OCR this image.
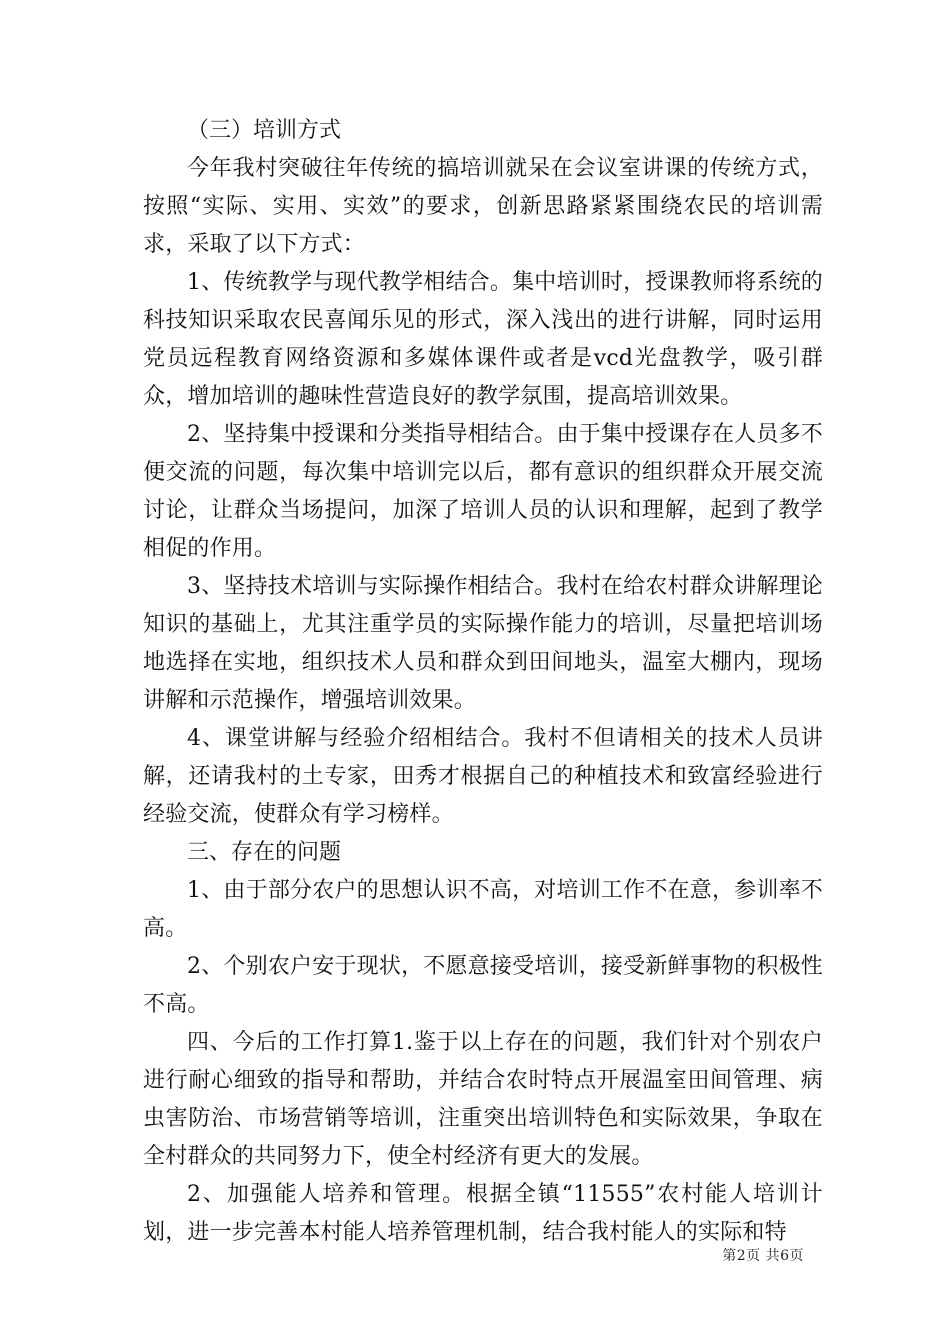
（三）培训方式

今年我村突破往年传统的搞培训就呆在会议室讲课的传统方式，按照“实际、实用、实效”的要求，创新思路紧紧围绕农民的培训需求，采取了以下方式：

1、传统教学与现代教学相结合。集中培训时，授课教师将系统的科技知识采取农民喜闻乐见的形式，深入浅出的进行讲解，同时运用党员远程教育网络资源和多媒体课件或者是vcd光盘教学，吸引群众，增加培训的趣味性营造良好的教学氛围，提高培训效果。

2、坚持集中授课和分类指导相结合。由于集中授课存在人员多不便交流的问题，每次集中培训完以后，都有意识的组织群众开展交流讨论，让群众当场提问，加深了培训人员的认识和理解，起到了教学相促的作用。

3、坚持技术培训与实际操作相结合。我村在给农村群众讲解理论知识的基础上，尤其注重学员的实际操作能力的培训，尽量把培训场地选择在实地，组织技术人员和群众到田间地头，温室大棚内，现场讲解和示范操作，增强培训效果。

4、课堂讲解与经验介绍相结合。我村不但请相关的技术人员讲解，还请我村的土专家，田秀才根据自己的种植技术和致富经验进行经验交流，使群众有学习榜样。

三、存在的问题

1、由于部分农户的思想认识不高，对培训工作不在意，参训率不高。

2、个别农户安于现状，不愿意接受培训，接受新鲜事物的积极性不高。

四、今后的工作打算1.鉴于以上存在的问题，我们针对个别农户进行耐心细致的指导和帮助，并结合农时特点开展温室田间管理、病虫害防治、市场营销等培训，注重突出培训特色和实际效果，争取在全村群众的共同努力下，使全村经济有更大的发展。

2、加强能人培养和管理。根据全镇“11555”农村能人培训计划，进一步完善本村能人培养管理机制，结合我村能人的实际和特

第2页 共6页
